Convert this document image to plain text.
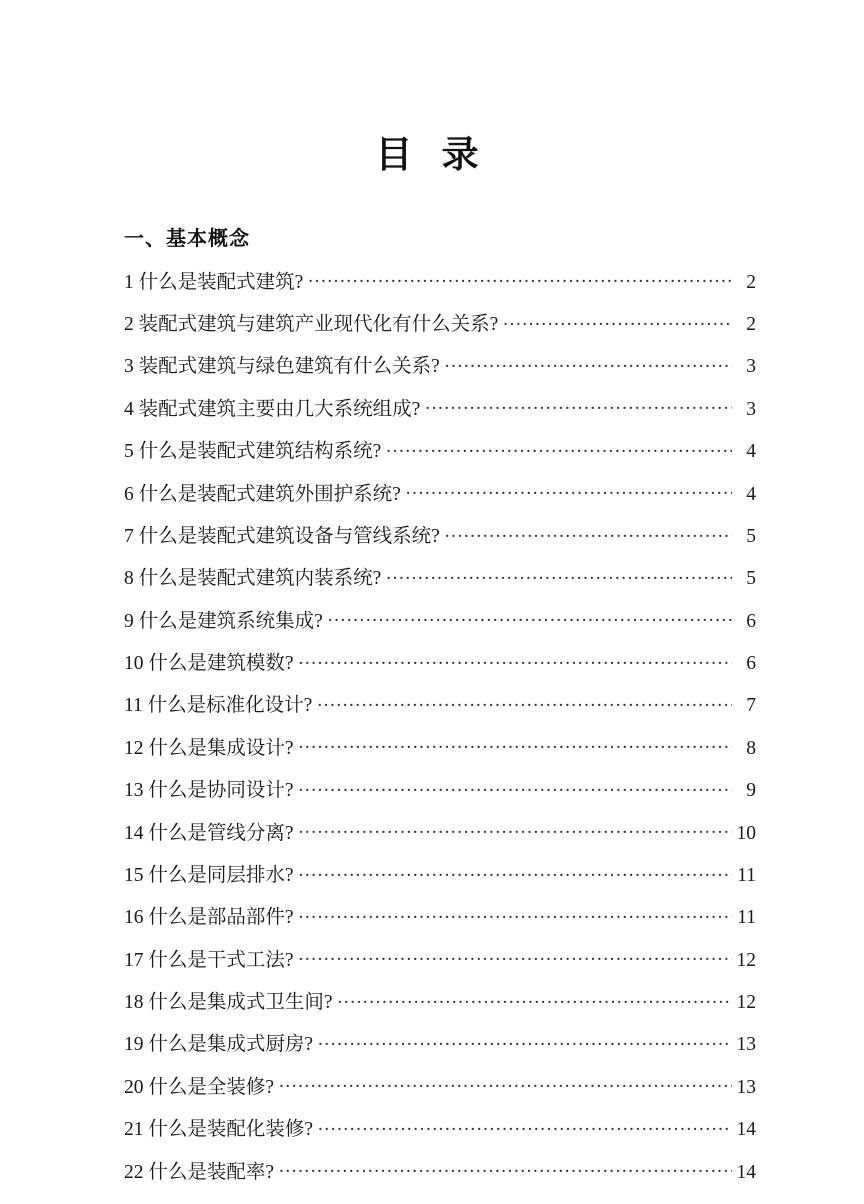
目 录
一、基本概念
1 什么是装配式建筑? .....	2
2 装配式建筑与建筑产业现代化有什么关系? .....	2
3 装配式建筑与绿色建筑有什么关系? .....	3
4 装配式建筑主要由几大系统组成? .....	3
5 什么是装配式建筑结构系统? .....	4
6 什么是装配式建筑外围护系统? .....	4
7 什么是装配式建筑设备与管线系统? .....	5
8 什么是装配式建筑内装系统? .....	5
9 什么是建筑系统集成? .....	6
10 什么是建筑模数? .....	6
11 什么是标准化设计? .....	7
12 什么是集成设计? .....	8
13 什么是协同设计? .....	9
14 什么是管线分离? .....	10
15 什么是同层排水? .....	11
16 什么是部品部件? .....	11
17 什么是干式工法? .....	12
18 什么是集成式卫生间? .....	12
19 什么是集成式厨房? .....	13
20 什么是全装修? .....	13
21 什么是装配化装修? .....	14
22 什么是装配率? .....	14
